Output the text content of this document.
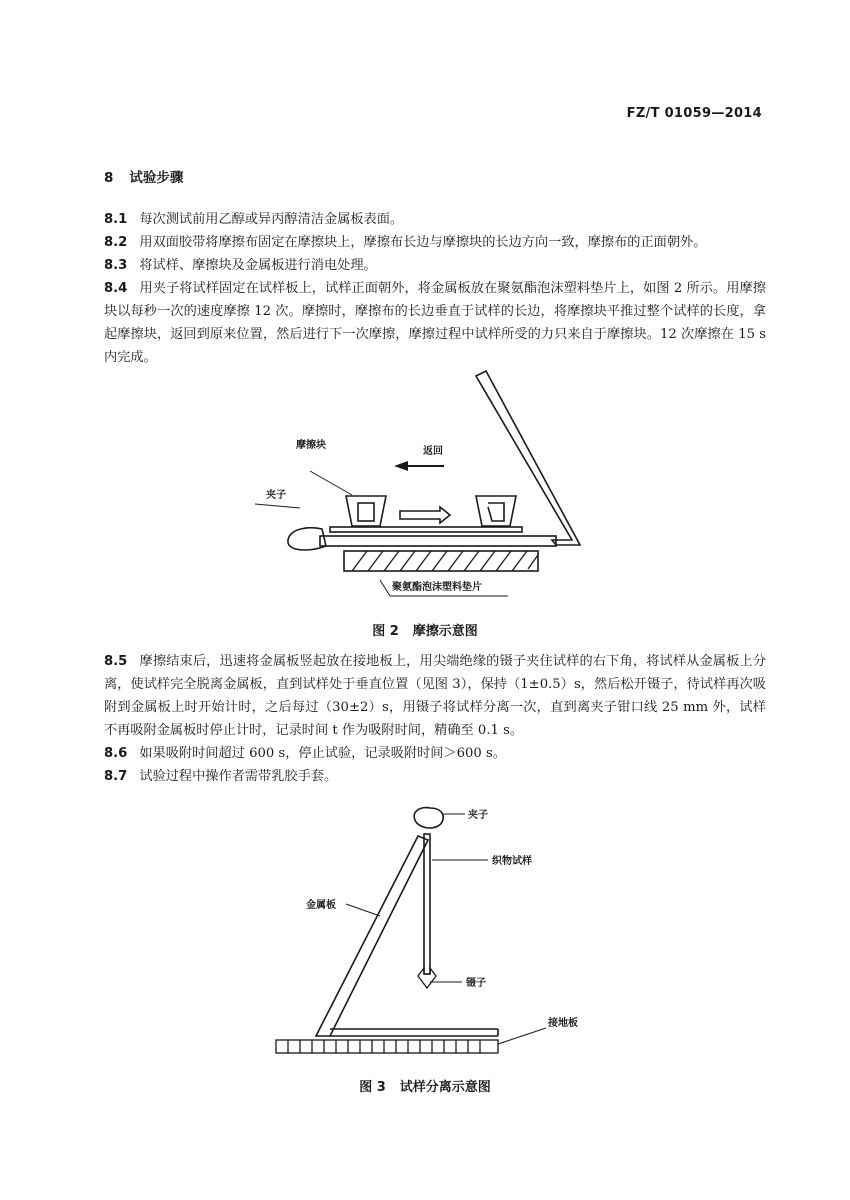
FZ/T 01059—2014
8 试验步骤
8.1 每次测试前用乙醇或异丙醇清洁金属板表面。
8.2 用双面胶带将摩擦布固定在摩擦块上，摩擦布长边与摩擦块的长边方向一致，摩擦布的正面朝外。
8.3 将试样、摩擦块及金属板进行消电处理。
8.4 用夹子将试样固定在试样板上，试样正面朝外，将金属板放在聚氨酯泡沫塑料垫片上，如图 2 所示。用摩擦块以每秒一次的速度摩擦 12 次。摩擦时，摩擦布的长边垂直于试样的长边，将摩擦块平推过整个试样的长度，拿起摩擦块，返回到原来位置，然后进行下一次摩擦，摩擦过程中试样所受的力只来自于摩擦块。12 次摩擦在 15 s 内完成。
摩擦块
返回
夹子
聚氨酯泡沫塑料垫片
图 2 摩擦示意图
8.5 摩擦结束后，迅速将金属板竖起放在接地板上，用尖端绝缘的镊子夹住试样的右下角，将试样从金属板上分离，使试样完全脱离金属板，直到试样处于垂直位置（见图 3），保持（1±0.5）s，然后松开镊子，待试样再次吸附到金属板上时开始计时，之后每过（30±2）s，用镊子将试样分离一次，直到离夹子钳口线 25 mm 外，试样不再吸附金属板时停止计时，记录时间 t 作为吸附时间，精确至 0.1 s。
8.6 如果吸附时间超过 600 s，停止试验，记录吸附时间＞600 s。
8.7 试验过程中操作者需带乳胶手套。
夹子
织物试样
金属板
镊子
接地板
图 3 试样分离示意图
